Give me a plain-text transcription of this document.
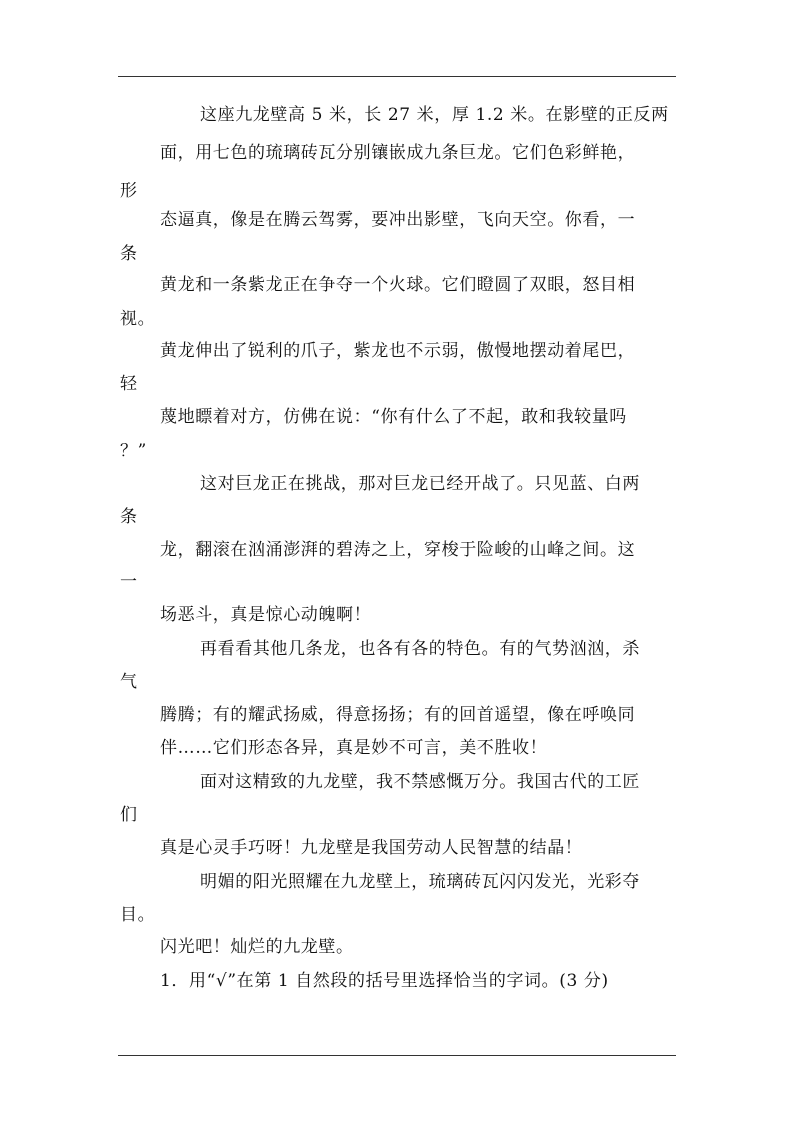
这座九龙壁高 5 米，长 27 米，厚 1.2 米。在影壁的正反两
面，用七色的琉璃砖瓦分别镶嵌成九条巨龙。它们色彩鲜艳，
形
态逼真，像是在腾云驾雾，要冲出影壁，飞向天空。你看，一
条
黄龙和一条紫龙正在争夺一个火球。它们瞪圆了双眼，怒目相
视。
黄龙伸出了锐利的爪子，紫龙也不示弱，傲慢地摆动着尾巴，
轻
蔑地瞟着对方，仿佛在说：“你有什么了不起，敢和我较量吗
？”
这对巨龙正在挑战，那对巨龙已经开战了。只见蓝、白两
条
龙，翻滚在汹涌澎湃的碧涛之上，穿梭于险峻的山峰之间。这
一
场恶斗，真是惊心动魄啊！
再看看其他几条龙，也各有各的特色。有的气势汹汹，杀
气
腾腾；有的耀武扬威，得意扬扬；有的回首遥望，像在呼唤同
伴……它们形态各异，真是妙不可言，美不胜收！
面对这精致的九龙壁，我不禁感慨万分。我国古代的工匠
们
真是心灵手巧呀！九龙壁是我国劳动人民智慧的结晶！
明媚的阳光照耀在九龙壁上，琉璃砖瓦闪闪发光，光彩夺
目。
闪光吧！灿烂的九龙壁。
1．用“√”在第 1 自然段的括号里选择恰当的字词。(3 分)
